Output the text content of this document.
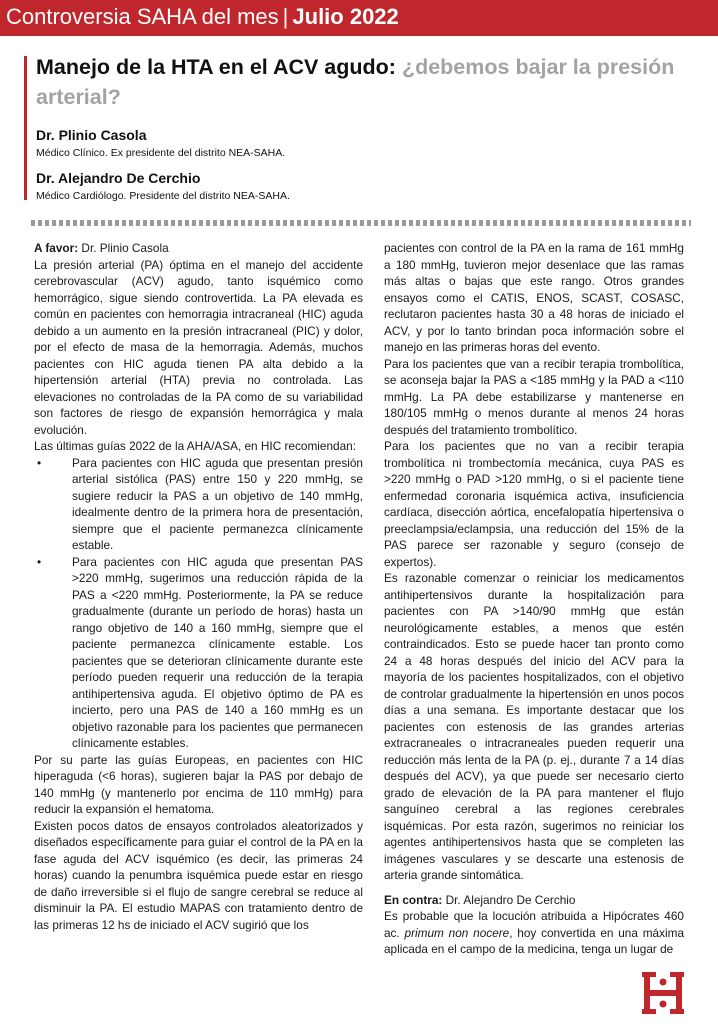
Controversia SAHA del mes | Julio 2022
Manejo de la HTA en el ACV agudo: ¿debemos bajar la presión arterial?
Dr. Plinio Casola
Médico Clínico. Ex presidente del distrito NEA-SAHA.
Dr. Alejandro De Cerchio
Médico Cardiólogo. Presidente del distrito NEA-SAHA.

A favor: Dr. Plinio Casola

La presión arterial (PA) óptima en el manejo del accidente cerebrovascular (ACV) agudo, tanto isquémico como hemorrágico, sigue siendo controvertida. La PA elevada es común en pacientes con hemorragia intracraneal (HIC) aguda debido a un aumento en la presión intracraneal (PIC) y dolor, por el efecto de masa de la hemorragia. Además, muchos pacientes con HIC aguda tienen PA alta debido a la hipertensión arterial (HTA) previa no controlada. Las elevaciones no controladas de la PA como de su variabilidad son factores de riesgo de expansión hemorrágica y mala evolución.

Las últimas guías 2022 de la AHA/ASA, en HIC recomiendan:

•	Para pacientes con HIC aguda que presentan presión arterial sistólica (PAS) entre 150 y 220 mmHg, se sugiere reducir la PAS a un objetivo de 140 mmHg, idealmente dentro de la primera hora de presentación, siempre que el paciente permanezca clínicamente estable.
•	Para pacientes con HIC aguda que presentan PAS >220 mmHg, sugerimos una reducción rápida de la PAS a <220 mmHg. Posteriormente, la PA se reduce gradualmente (durante un período de horas) hasta un rango objetivo de 140 a 160 mmHg, siempre que el paciente permanezca clínicamente estable. Los pacientes que se deterioran clínicamente durante este período pueden requerir una reducción de la terapia antihipertensiva aguda. El objetivo óptimo de PA es incierto, pero una PAS de 140 a 160 mmHg es un objetivo razonable para los pacientes que permanecen clínicamente estables.

Por su parte las guías Europeas, en pacientes con HIC hiperaguda (<6 horas), sugieren bajar la PAS por debajo de 140 mmHg (y mantenerlo por encima de 110 mmHg) para reducir la expansión el hematoma.

Existen pocos datos de ensayos controlados aleatorizados y diseñados específicamente para guiar el control de la PA en la fase aguda del ACV isquémico (es decir, las primeras 24 horas) cuando la penumbra isquémica puede estar en riesgo de daño irreversible si el flujo de sangre cerebral se reduce al disminuir la PA. El estudio MAPAS con tratamiento dentro de las primeras 12 hs de iniciado el ACV sugirió que los

pacientes con control de la PA en la rama de 161 mmHg a 180 mmHg, tuvieron mejor desenlace que las ramas más altas o bajas que este rango. Otros grandes ensayos como el CATIS, ENOS, SCAST, COSASC, reclutaron pacientes hasta 30 a 48 horas de iniciado el ACV, y por lo tanto brindan poca información sobre el manejo en las primeras horas del evento.

Para los pacientes que van a recibir terapia trombolítica, se aconseja bajar la PAS a <185 mmHg y la PAD a <110 mmHg. La PA debe estabilizarse y mantenerse en 180/105 mmHg o menos durante al menos 24 horas después del tratamiento trombolítico.

Para los pacientes que no van a recibir terapia trombolítica ni trombectomía mecánica, cuya PAS es >220 mmHg o PAD >120 mmHg, o si el paciente tiene enfermedad coronaria isquémica activa, insuficiencia cardíaca, disección aórtica, encefalopatía hipertensiva o preeclampsia/eclampsia, una reducción del 15% de la PAS parece ser razonable y seguro (consejo de expertos).

Es razonable comenzar o reiniciar los medicamentos antihipertensivos durante la hospitalización para pacientes con PA >140/90 mmHg que están neurológicamente estables, a menos que estén contraindicados. Esto se puede hacer tan pronto como 24 a 48 horas después del inicio del ACV para la mayoría de los pacientes hospitalizados, con el objetivo de controlar gradualmente la hipertensión en unos pocos días a una semana. Es importante destacar que los pacientes con estenosis de las grandes arterias extracraneales o intracraneales pueden requerir una reducción más lenta de la PA (p. ej., durante 7 a 14 días después del ACV), ya que puede ser necesario cierto grado de elevación de la PA para mantener el flujo sanguíneo cerebral a las regiones cerebrales isquémicas. Por esta razón, sugerimos no reiniciar los agentes antihipertensivos hasta que se completen las imágenes vasculares y se descarte una estenosis de arteria grande sintomática.

En contra: Dr. Alejandro De Cerchio

Es probable que la locución atribuida a Hipócrates 460 ac. primum non nocere, hoy convertida en una máxima aplicada en el campo de la medicina, tenga un lugar de
